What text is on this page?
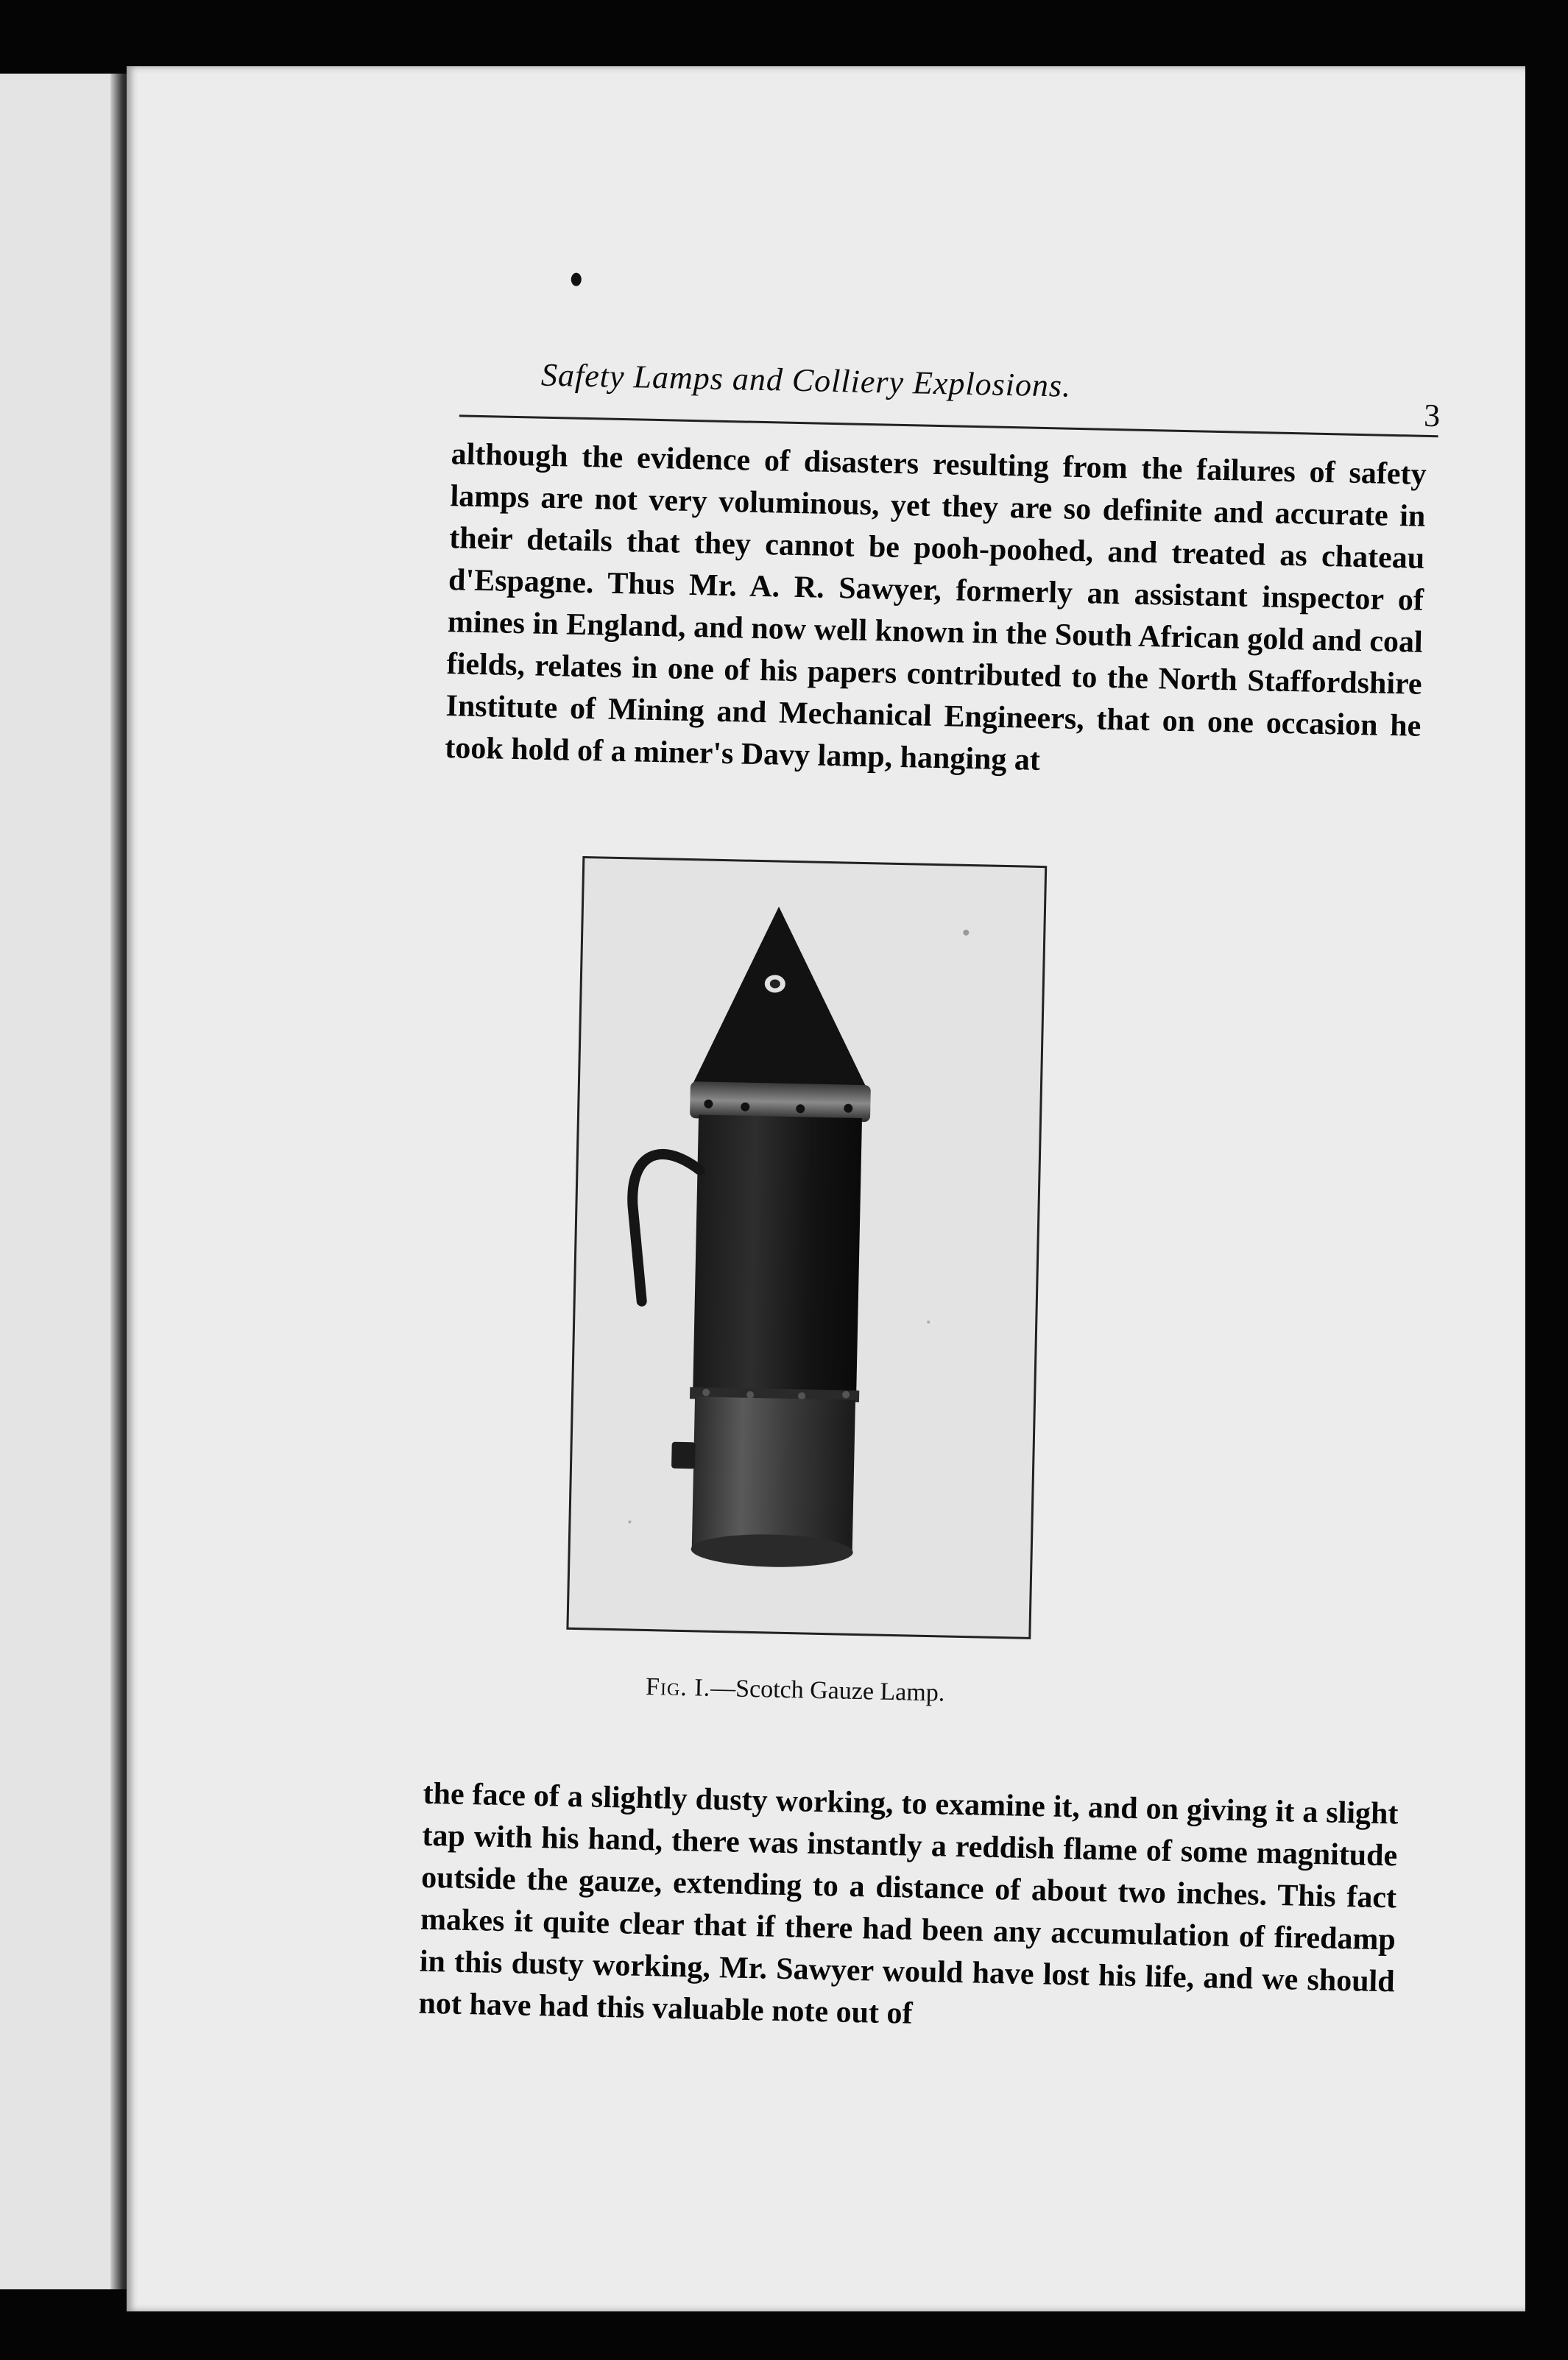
Safety Lamps and Colliery Explosions.
3

although the evidence of disasters resulting from the failures of safety lamps are not very voluminous, yet they are so definite and accurate in their details that they cannot be pooh-poohed, and treated as chateau d'Espagne. Thus Mr. A. R. Sawyer, formerly an assistant inspector of mines in England, and now well known in the South African gold and coal fields, relates in one of his papers contributed to the North Staffordshire Institute of Mining and Mechanical Engineers, that on one occasion he took hold of a miner's Davy lamp, hanging at

Fig. I.—Scotch Gauze Lamp.

the face of a slightly dusty working, to examine it, and on giving it a slight tap with his hand, there was instantly a reddish flame of some magnitude outside the gauze, extending to a distance of about two inches. This fact makes it quite clear that if there had been any accumulation of firedamp in this dusty working, Mr. Sawyer would have lost his life, and we should not have had this valuable note out of
